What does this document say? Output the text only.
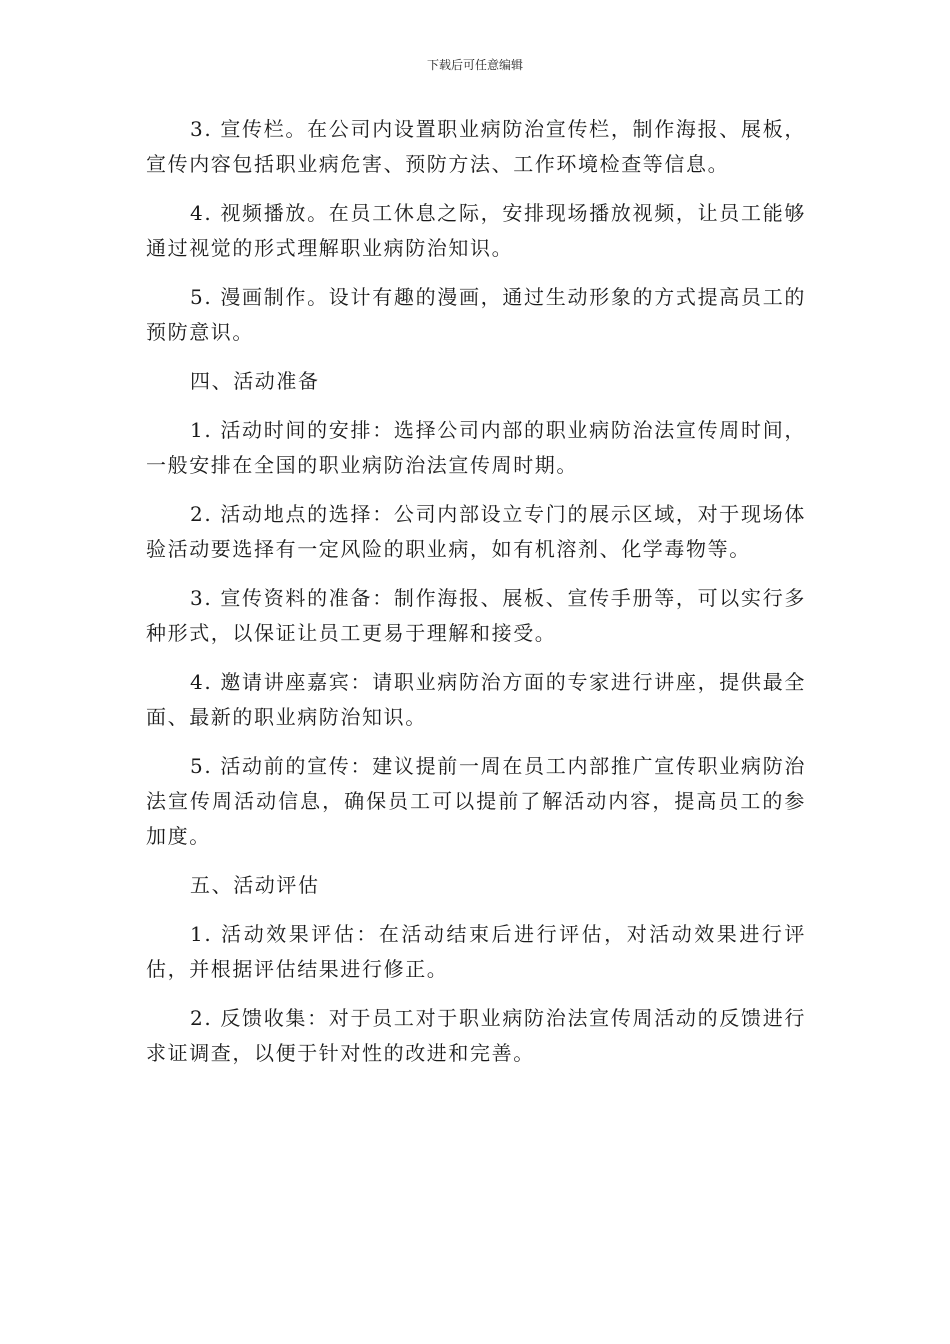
下载后可任意编辑

3. 宣传栏。在公司内设置职业病防治宣传栏，制作海报、展板，宣传内容包括职业病危害、预防方法、工作环境检查等信息。

4. 视频播放。在员工休息之际，安排现场播放视频，让员工能够通过视觉的形式理解职业病防治知识。

5. 漫画制作。设计有趣的漫画，通过生动形象的方式提高员工的预防意识。

四、活动准备

1. 活动时间的安排：选择公司内部的职业病防治法宣传周时间，一般安排在全国的职业病防治法宣传周时期。

2. 活动地点的选择：公司内部设立专门的展示区域，对于现场体验活动要选择有一定风险的职业病，如有机溶剂、化学毒物等。

3. 宣传资料的准备：制作海报、展板、宣传手册等，可以实行多种形式，以保证让员工更易于理解和接受。

4. 邀请讲座嘉宾：请职业病防治方面的专家进行讲座，提供最全面、最新的职业病防治知识。

5. 活动前的宣传：建议提前一周在员工内部推广宣传职业病防治法宣传周活动信息，确保员工可以提前了解活动内容，提高员工的参加度。

五、活动评估

1. 活动效果评估：在活动结束后进行评估，对活动效果进行评估，并根据评估结果进行修正。

2. 反馈收集：对于员工对于职业病防治法宣传周活动的反馈进行求证调查，以便于针对性的改进和完善。
